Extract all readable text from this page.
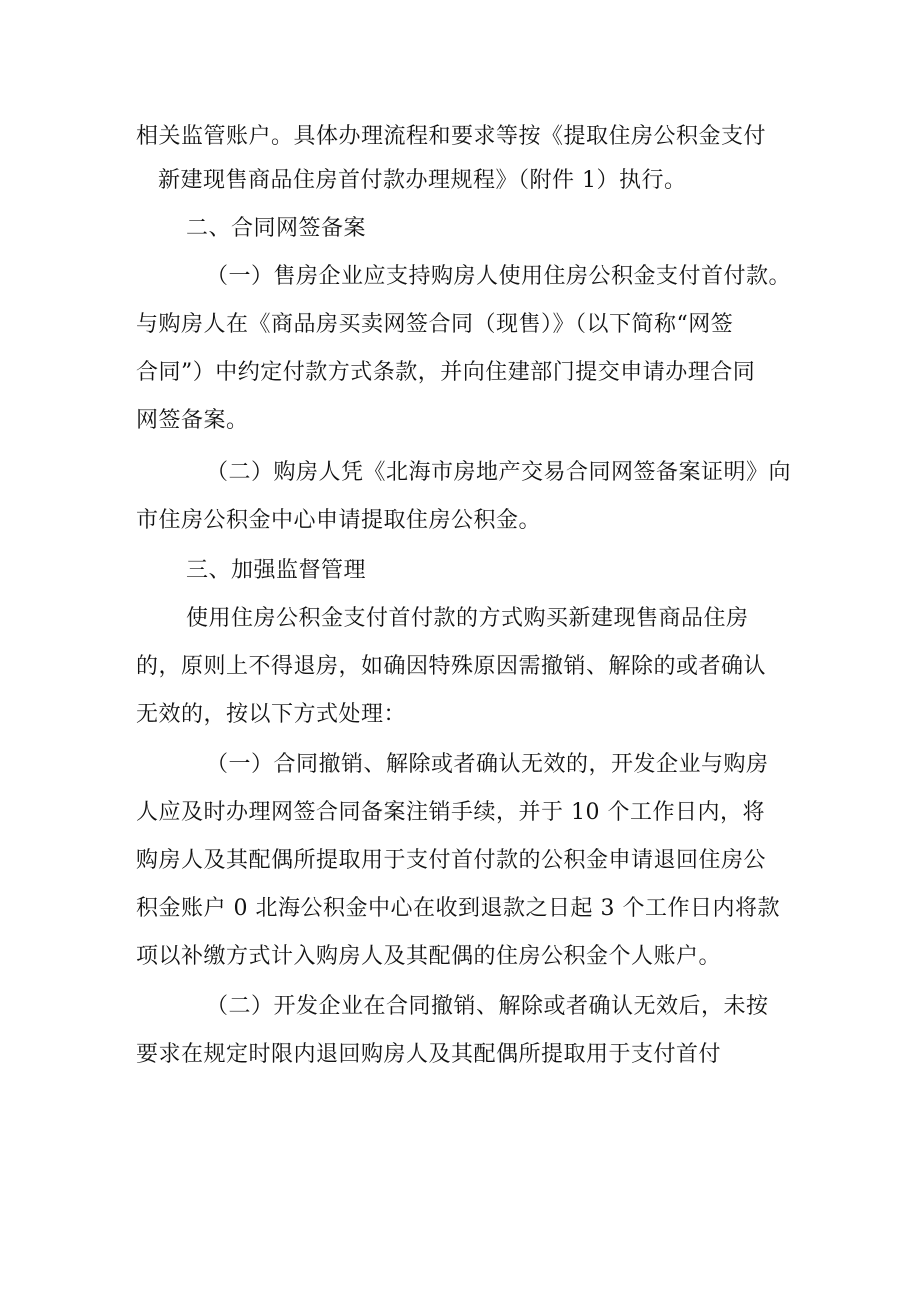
相关监管账户。具体办理流程和要求等按《提取住房公积金支付
新建现售商品住房首付款办理规程》（附件 1）执行。
二、合同网签备案
（一）售房企业应支持购房人使用住房公积金支付首付款。
与购房人在《商品房买卖网签合同（现售）》（以下简称“网签
合同”）中约定付款方式条款，并向住建部门提交申请办理合同
网签备案。
（二）购房人凭《北海市房地产交易合同网签备案证明》向
市住房公积金中心申请提取住房公积金。
三、加强监督管理
使用住房公积金支付首付款的方式购买新建现售商品住房
的，原则上不得退房，如确因特殊原因需撤销、解除的或者确认
无效的，按以下方式处理：
（一）合同撤销、解除或者确认无效的，开发企业与购房
人应及时办理网签合同备案注销手续，并于 10 个工作日内，将
购房人及其配偶所提取用于支付首付款的公积金申请退回住房公
积金账户 0 北海公积金中心在收到退款之日起 3 个工作日内将款
项以补缴方式计入购房人及其配偶的住房公积金个人账户。
（二）开发企业在合同撤销、解除或者确认无效后，未按
要求在规定时限内退回购房人及其配偶所提取用于支付首付
